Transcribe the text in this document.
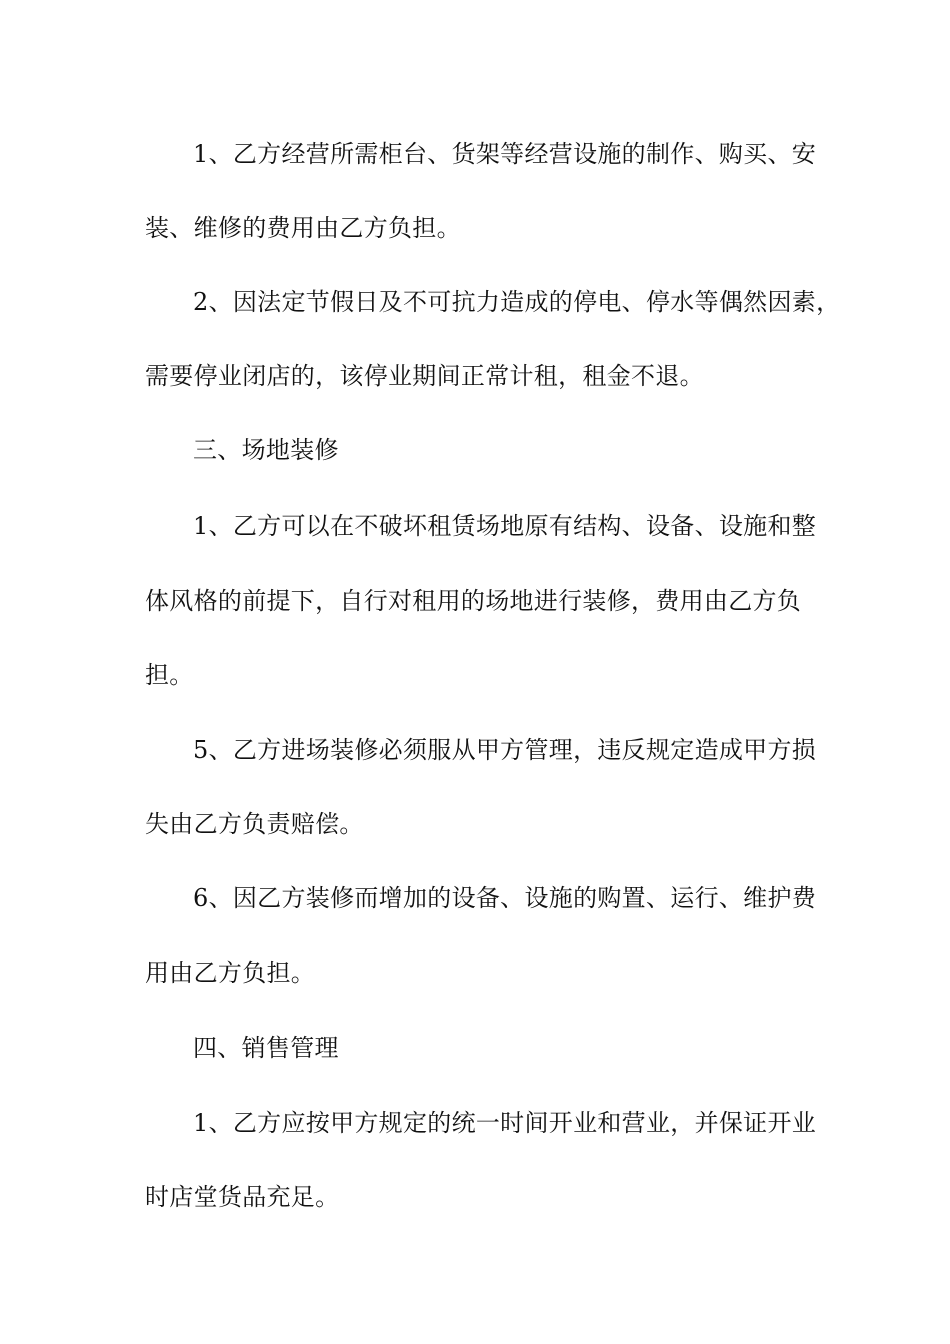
1、乙方经营所需柜台、货架等经营设施的制作、购买、安
装、维修的费用由乙方负担。
2、因法定节假日及不可抗力造成的停电、停水等偶然因素，
需要停业闭店的，该停业期间正常计租，租金不退。
三、场地装修
1、乙方可以在不破坏租赁场地原有结构、设备、设施和整
体风格的前提下，自行对租用的场地进行装修，费用由乙方负
担。
5、乙方进场装修必须服从甲方管理，违反规定造成甲方损
失由乙方负责赔偿。
6、因乙方装修而增加的设备、设施的购置、运行、维护费
用由乙方负担。
四、销售管理
1、乙方应按甲方规定的统一时间开业和营业，并保证开业
时店堂货品充足。
